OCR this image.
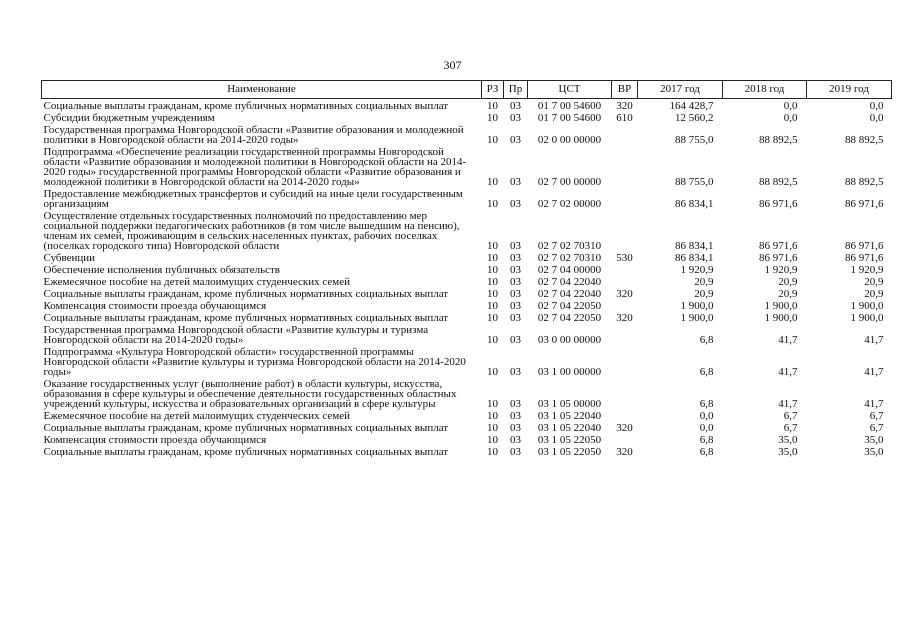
307
Наименование	РЗ	Пр	ЦСТ	ВР	2017 год	2018 год	2019 год
Социальные выплаты гражданам, кроме публичных нормативных социальных выплат	10	03	01 7 00 54600	320	164 428,7	0,0	0,0
Субсидии бюджетным учреждениям	10	03	01 7 00 54600	610	12 560,2	0,0	0,0
Государственная программа Новгородской области «Развитие образования и молодежной политики в Новгородской области на 2014-2020 годы»	10	03	02 0 00 00000		88 755,0	88 892,5	88 892,5
Подпрограмма «Обеспечение реализации государственной программы Новгородской области «Развитие образования и молодежной политики в Новгородской области на 2014-2020 годы» государственной программы Новгородской области «Развитие образования и молодежной политики в Новгородской области на 2014-2020 годы»	10	03	02 7 00 00000		88 755,0	88 892,5	88 892,5
Предоставление межбюджетных трансфертов и субсидий на иные цели государственным организациям	10	03	02 7 02 00000		86 834,1	86 971,6	86 971,6
Осуществление отдельных государственных полномочий по предоставлению мер социальной поддержки педагогических работников (в том числе вышедшим на пенсию), членам их семей, проживающим в сельских населенных пунктах, рабочих поселках (поселках городского типа) Новгородской области	10	03	02 7 02 70310		86 834,1	86 971,6	86 971,6
Субвенции	10	03	02 7 02 70310	530	86 834,1	86 971,6	86 971,6
Обеспечение исполнения публичных обязательств	10	03	02 7 04 00000		1 920,9	1 920,9	1 920,9
Ежемесячное пособие на детей малоимущих студенческих семей	10	03	02 7 04 22040		20,9	20,9	20,9
Социальные выплаты гражданам, кроме публичных нормативных социальных выплат	10	03	02 7 04 22040	320	20,9	20,9	20,9
Компенсация стоимости проезда обучающимся	10	03	02 7 04 22050		1 900,0	1 900,0	1 900,0
Социальные выплаты гражданам, кроме публичных нормативных социальных выплат	10	03	02 7 04 22050	320	1 900,0	1 900,0	1 900,0
Государственная программа Новгородской области «Развитие культуры и туризма Новгородской области на 2014-2020 годы»	10	03	03 0 00 00000		6,8	41,7	41,7
Подпрограмма «Культура Новгородской области» государственной программы Новгородской области «Развитие культуры и туризма Новгородской области на 2014-2020 годы»	10	03	03 1 00 00000		6,8	41,7	41,7
Оказание государственных услуг (выполнение работ) в области культуры, искусства, образования в сфере культуры и обеспечение деятельности государственных областных учреждений культуры, искусства и образовательных организаций в сфере культуры	10	03	03 1 05 00000		6,8	41,7	41,7
Ежемесячное пособие на детей малоимущих студенческих семей	10	03	03 1 05 22040		0,0	6,7	6,7
Социальные выплаты гражданам, кроме публичных нормативных социальных выплат	10	03	03 1 05 22040	320	0,0	6,7	6,7
Компенсация стоимости проезда обучающимся	10	03	03 1 05 22050		6,8	35,0	35,0
Социальные выплаты гражданам, кроме публичных нормативных социальных выплат	10	03	03 1 05 22050	320	6,8	35,0	35,0
